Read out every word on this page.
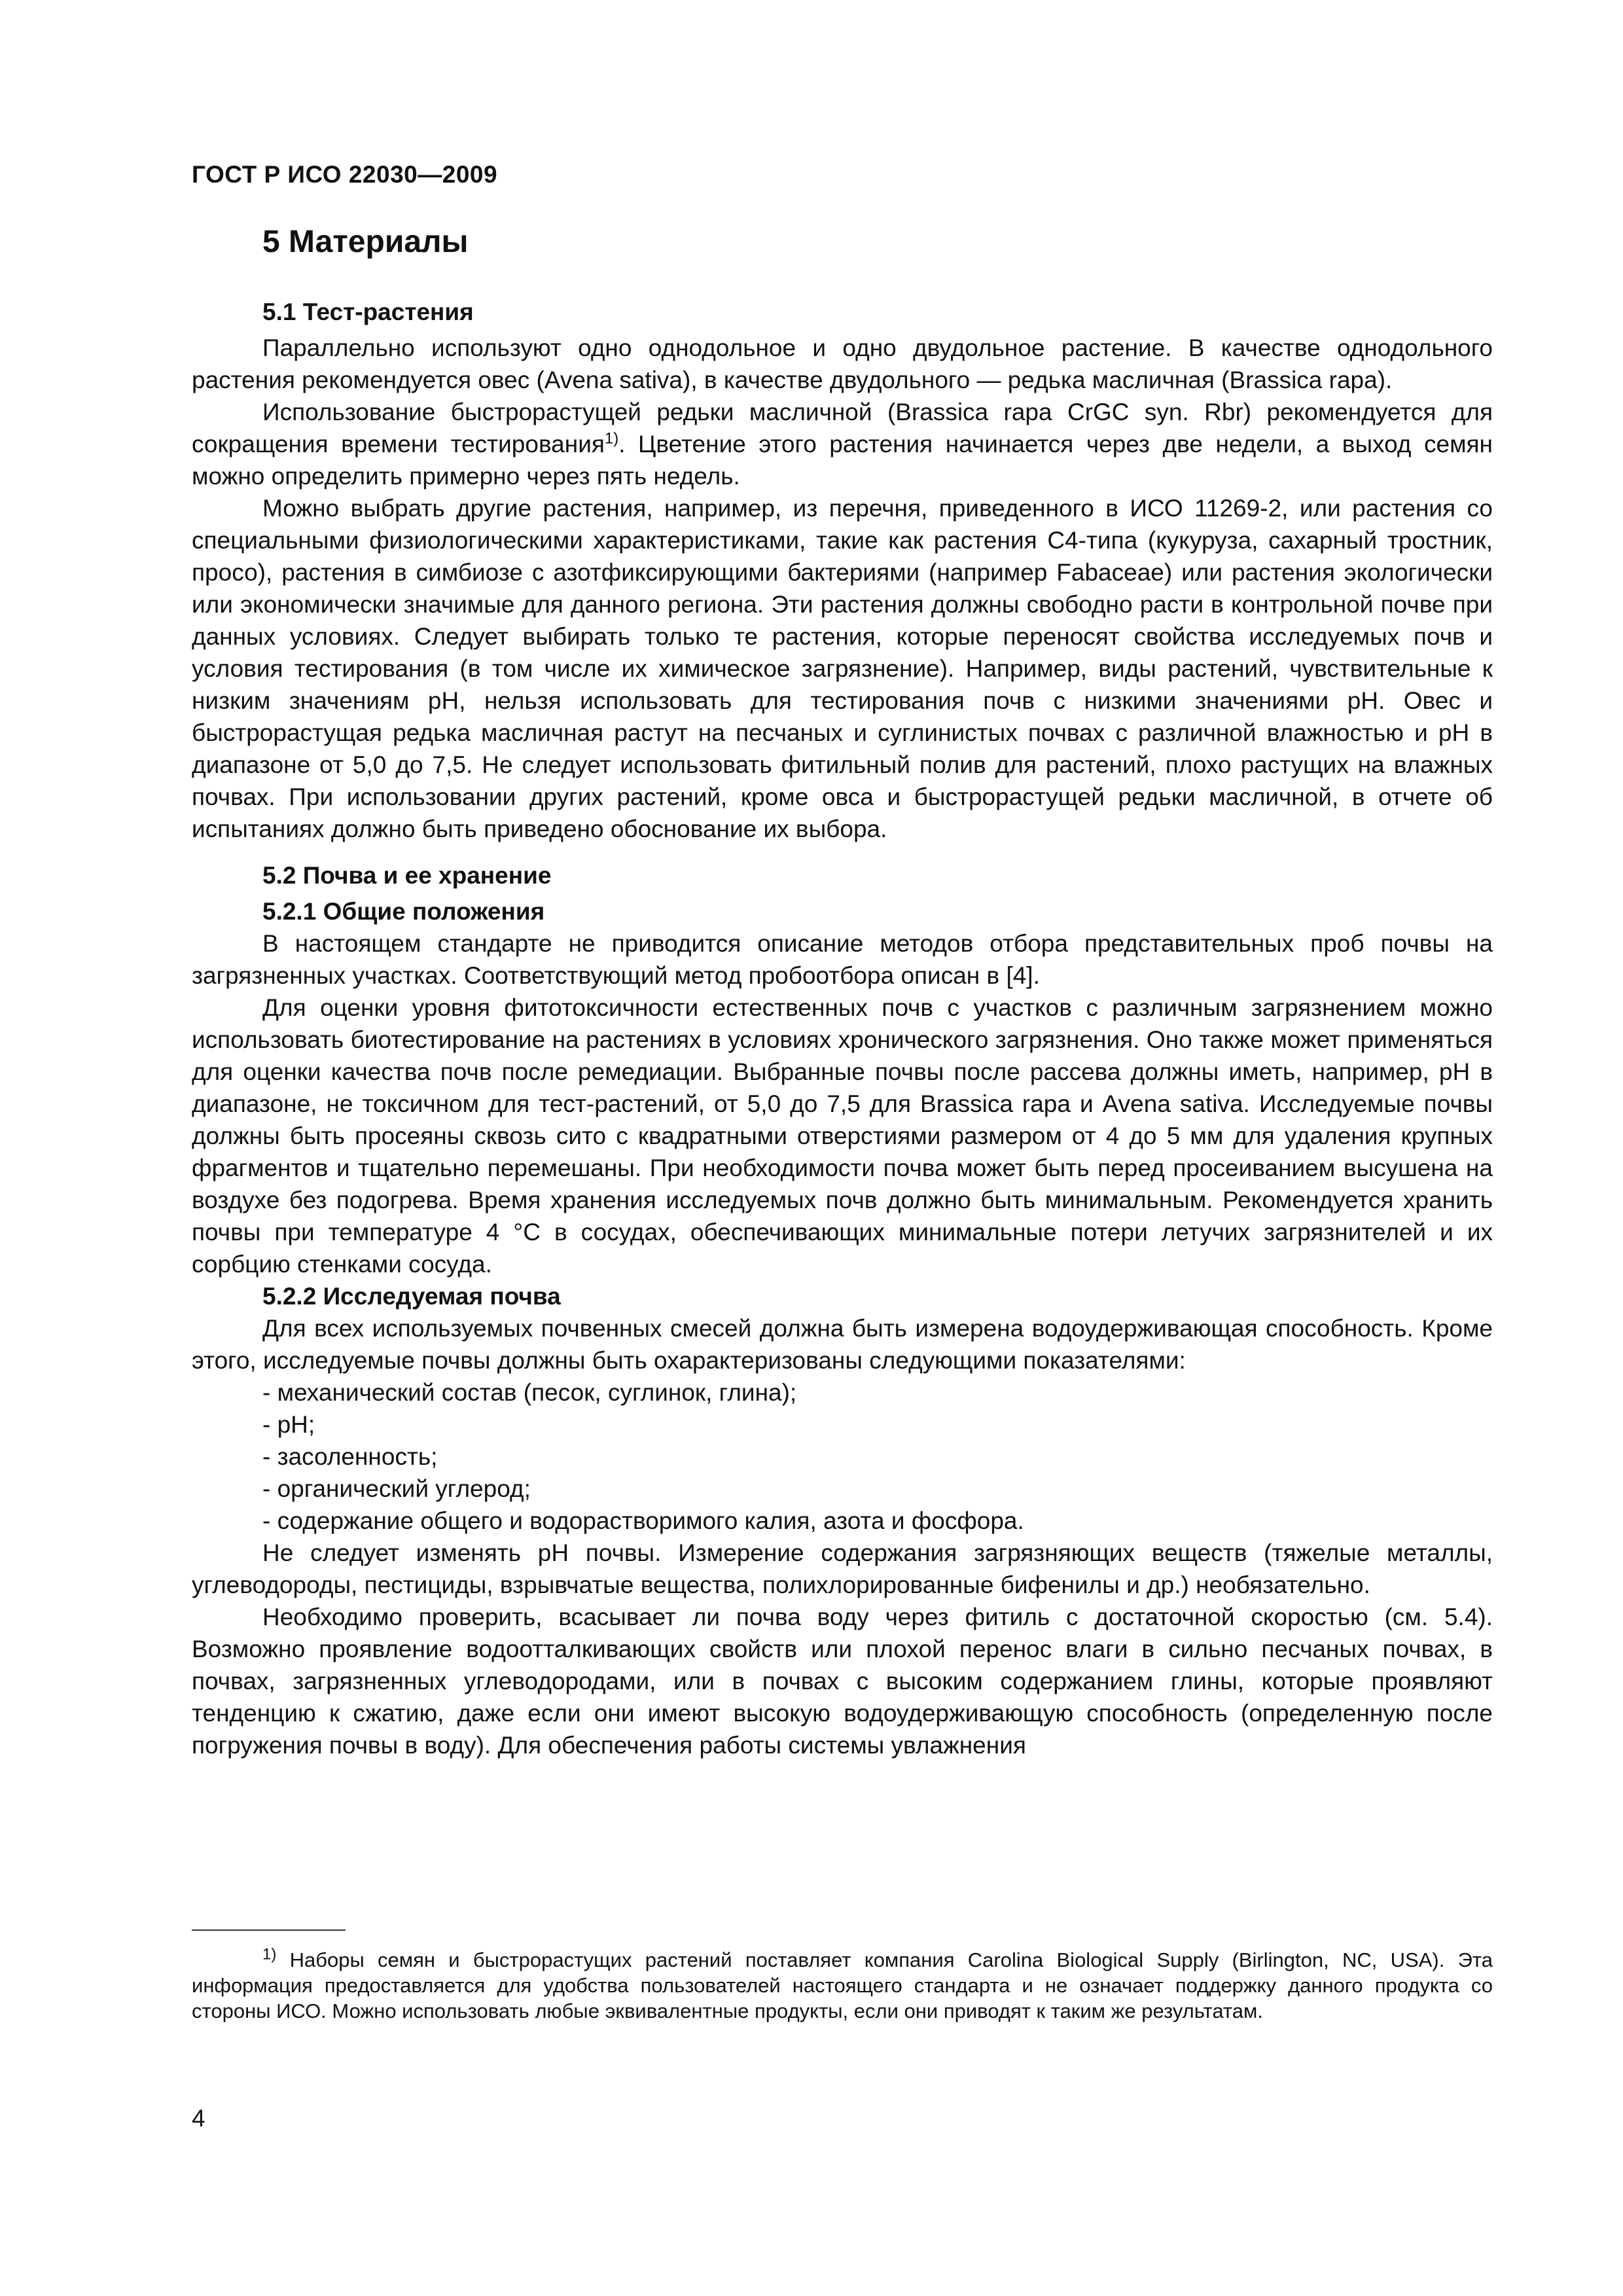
ГОСТ Р ИСО 22030—2009
5 Материалы
5.1 Тест-растения

Параллельно используют одно однодольное и одно двудольное растение. В качестве однодольного растения рекомендуется овес (Avena sativa), в качестве двудольного — редька масличная (Brassica rapa).

Использование быстрорастущей редьки масличной (Brassica rapa CrGC syn. Rbr) рекомендуется для сокращения времени тестирования$^{1)}$. Цветение этого растения начинается через две недели, а выход семян можно определить примерно через пять недель.

Можно выбрать другие растения, например, из перечня, приведенного в ИСО 11269-2, или растения со специальными физиологическими характеристиками, такие как растения С4-типа (кукуруза, сахарный тростник, просо), растения в симбиозе с азотфиксирующими бактериями (например Fabaceae) или растения экологически или экономически значимые для данного региона. Эти растения должны свободно расти в контрольной почве при данных условиях. Следует выбирать только те растения, которые переносят свойства исследуемых почв и условия тестирования (в том числе их химическое загрязнение). Например, виды растений, чувствительные к низким значениям pH, нельзя использовать для тестирования почв с низкими значениями pH. Овес и быстрорастущая редька масличная растут на песчаных и суглинистых почвах с различной влажностью и pH в диапазоне от 5,0 до 7,5. Не следует использовать фитильный полив для растений, плохо растущих на влажных почвах. При использовании других растений, кроме овса и быстрорастущей редьки масличной, в отчете об испытаниях должно быть приведено обоснование их выбора.

5.2 Почва и ее хранение
5.2.1 Общие положения

В настоящем стандарте не приводится описание методов отбора представительных проб почвы на загрязненных участках. Соответствующий метод пробоотбора описан в [4].

Для оценки уровня фитотоксичности естественных почв с участков с различным загрязнением можно использовать биотестирование на растениях в условиях хронического загрязнения. Оно также может применяться для оценки качества почв после ремедиации. Выбранные почвы после рассева должны иметь, например, pH в диапазоне, не токсичном для тест-растений, от 5,0 до 7,5 для Brassica rapa и Avena sativa. Исследуемые почвы должны быть просеяны сквозь сито с квадратными отверстиями размером от 4 до 5 мм для удаления крупных фрагментов и тщательно перемешаны. При необходимости почва может быть перед просеиванием высушена на воздухе без подогрева. Время хранения исследуемых почв должно быть минимальным. Рекомендуется хранить почвы при температуре 4 °C в сосудах, обеспечивающих минимальные потери летучих загрязнителей и их сорбцию стенками сосуда.

5.2.2 Исследуемая почва

Для всех используемых почвенных смесей должна быть измерена водоудерживающая способность. Кроме этого, исследуемые почвы должны быть охарактеризованы следующими показателями:

- механический состав (песок, суглинок, глина);
- pH;
- засоленность;
- органический углерод;
- содержание общего и водорастворимого калия, азота и фосфора.

Не следует изменять pH почвы. Измерение содержания загрязняющих веществ (тяжелые металлы, углеводороды, пестициды, взрывчатые вещества, полихлорированные бифенилы и др.) необязательно.

Необходимо проверить, всасывает ли почва воду через фитиль с достаточной скоростью (см. 5.4). Возможно проявление водоотталкивающих свойств или плохой перенос влаги в сильно песчаных почвах, в почвах, загрязненных углеводородами, или в почвах с высоким содержанием глины, которые проявляют тенденцию к сжатию, даже если они имеют высокую водоудерживающую способность (определенную после погружения почвы в воду). Для обеспечения работы системы увлажнения

$^{1)}$ Наборы семян и быстрорастущих растений поставляет компания Carolina Biological Supply (Birlington, NC, USA). Эта информация предоставляется для удобства пользователей настоящего стандарта и не означает поддержку данного продукта со стороны ИСО. Можно использовать любые эквивалентные продукты, если они приводят к таким же результатам.

4
